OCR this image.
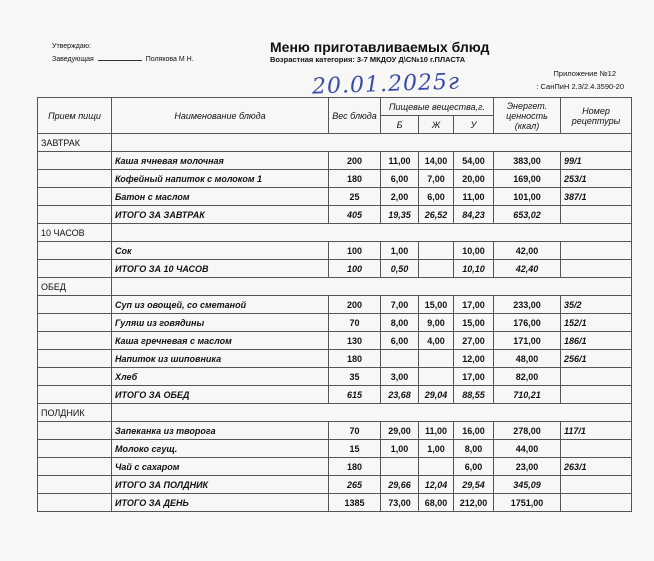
Утверждаю:
Заведующая	Полякова М Н.
Меню приготавливаемых блюд
Возрастная категория: 3-7 МКДОУ Д\С№10 г.ПЛАСТА
20.01.2025г	Приложение №12
: СанПиН 2.3/2.4.3590-20
Прием пищи	Наименование блюда	Вес блюда	Пищевые вещества,г.			Энергет. ценность (ккал)	Номер рецептуры
			Б	Ж	У		
ЗАВТРАК							
	Каша ячневая молочная	200	11,00	14,00	54,00	383,00	99/1
	Кофейный напиток с молоком 1	180	6,00	7,00	20,00	169,00	253/1
	Батон с маслом	25	2,00	6,00	11,00	101,00	387/1
	ИТОГО ЗА ЗАВТРАК	405	19,35	26,52	84,23	653,02	
10 ЧАСОВ							
	Сок	100	1,00		10,00	42,00	
	ИТОГО ЗА 10 ЧАСОВ	100	0,50		10,10	42,40	
ОБЕД							
	Суп из овощей, со сметаной	200	7,00	15,00	17,00	233,00	35/2
	Гуляш из говядины	70	8,00	9,00	15,00	176,00	152/1
	Каша гречневая с маслом	130	6,00	4,00	27,00	171,00	186/1
	Напиток из шиповника	180			12,00	48,00	256/1
	Хлеб	35	3,00		17,00	82,00	
	ИТОГО ЗА ОБЕД	615	23,68	29,04	88,55	710,21	
ПОЛДНИК							
	Запеканка из творога	70	29,00	11,00	16,00	278,00	117/1
	Молоко сгущ.	15	1,00	1,00	8,00	44,00	
	Чай с сахаром	180			6,00	23,00	263/1
	ИТОГО ЗА ПОЛДНИК	265	29,66	12,04	29,54	345,09	
	ИТОГО ЗА ДЕНЬ	1385	73,00	68,00	212,00	1751,00	
